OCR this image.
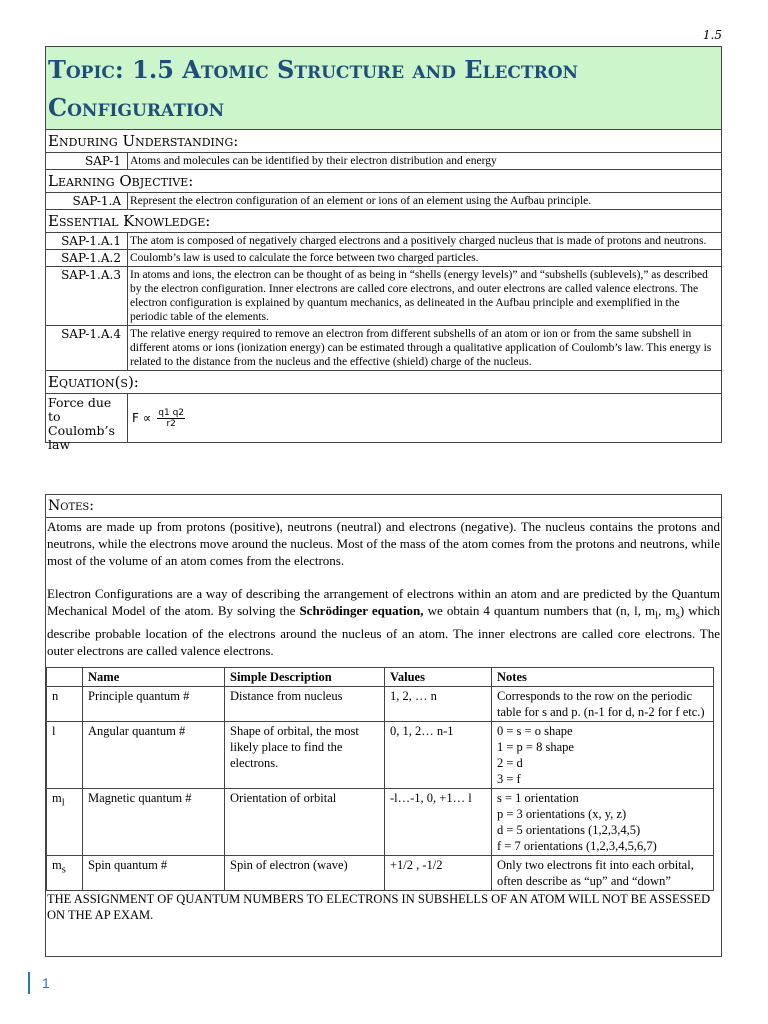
1.5
Topic: 1.5 Atomic Structure and Electron Configuration
Enduring Understanding:
SAP-1 Atoms and molecules can be identified by their electron distribution and energy
Learning Objective:
SAP-1.A Represent the electron configuration of an element or ions of an element using the Aufbau principle.
Essential Knowledge:
SAP-1.A.1 The atom is composed of negatively charged electrons and a positively charged nucleus that is made of protons and neutrons.
SAP-1.A.2 Coulomb’s law is used to calculate the force between two charged particles.
SAP-1.A.3 In atoms and ions, the electron can be thought of as being in “shells (energy levels)” and “subshells (sublevels),” as described by the electron configuration. Inner electrons are called core electrons, and outer electrons are called valence electrons. The electron configuration is explained by quantum mechanics, as delineated in the Aufbau principle and exemplified in the periodic table of the elements.
SAP-1.A.4 The relative energy required to remove an electron from different subshells of an atom or ion or from the same subshell in different atoms or ions (ionization energy) can be estimated through a qualitative application of Coulomb’s law. This energy is related to the distance from the nucleus and the effective (shield) charge of the nucleus.
Equation(s):
Force due to Coulomb’s law
$F \propto \frac{q1 q2}{r2}$
Notes:

Atoms are made up from protons (positive), neutrons (neutral) and electrons (negative). The nucleus contains the protons and neutrons, while the electrons move around the nucleus. Most of the mass of the atom comes from the protons and neutrons, while most of the volume of an atom comes from the electrons.

Electron Configurations are a way of describing the arrangement of electrons within an atom and are predicted by the Quantum Mechanical Model of the atom. By solving the Schrödinger equation, we obtain 4 quantum numbers that (n, l, $m_l$, $m_s$) which describe probable location of the electrons around the nucleus of an atom. The inner electrons are called core electrons. The outer electrons are called valence electrons.

	Name	Simple Description	Values	Notes
n	Principle quantum #	Distance from nucleus	1, 2, … n	Corresponds to the row on the periodic table for s and p. (n-1 for d, n-2 for f etc.)

l	Angular quantum #	Shape of orbital, the most likely place to find the electrons.	0, 1, 2… n-1	0 = s = o shape
1 = p = 8 shape
2 = d
3 = f

$m_l$	Magnetic quantum #	Orientation of orbital	-l…-1, 0, +1… l	s = 1 orientation
p = 3 orientations (x, y, z)
d = 5 orientations (1,2,3,4,5)
f = 7 orientations (1,2,3,4,5,6,7)

$m_s$	Spin quantum #	Spin of electron (wave)	+1/2 , -1/2	Only two electrons fit into each orbital, often describe as “up” and “down”
THE ASSIGNMENT OF QUANTUM NUMBERS TO ELECTRONS IN SUBSHELLS OF AN ATOM WILL NOT BE ASSESSED ON THE AP EXAM.
1
